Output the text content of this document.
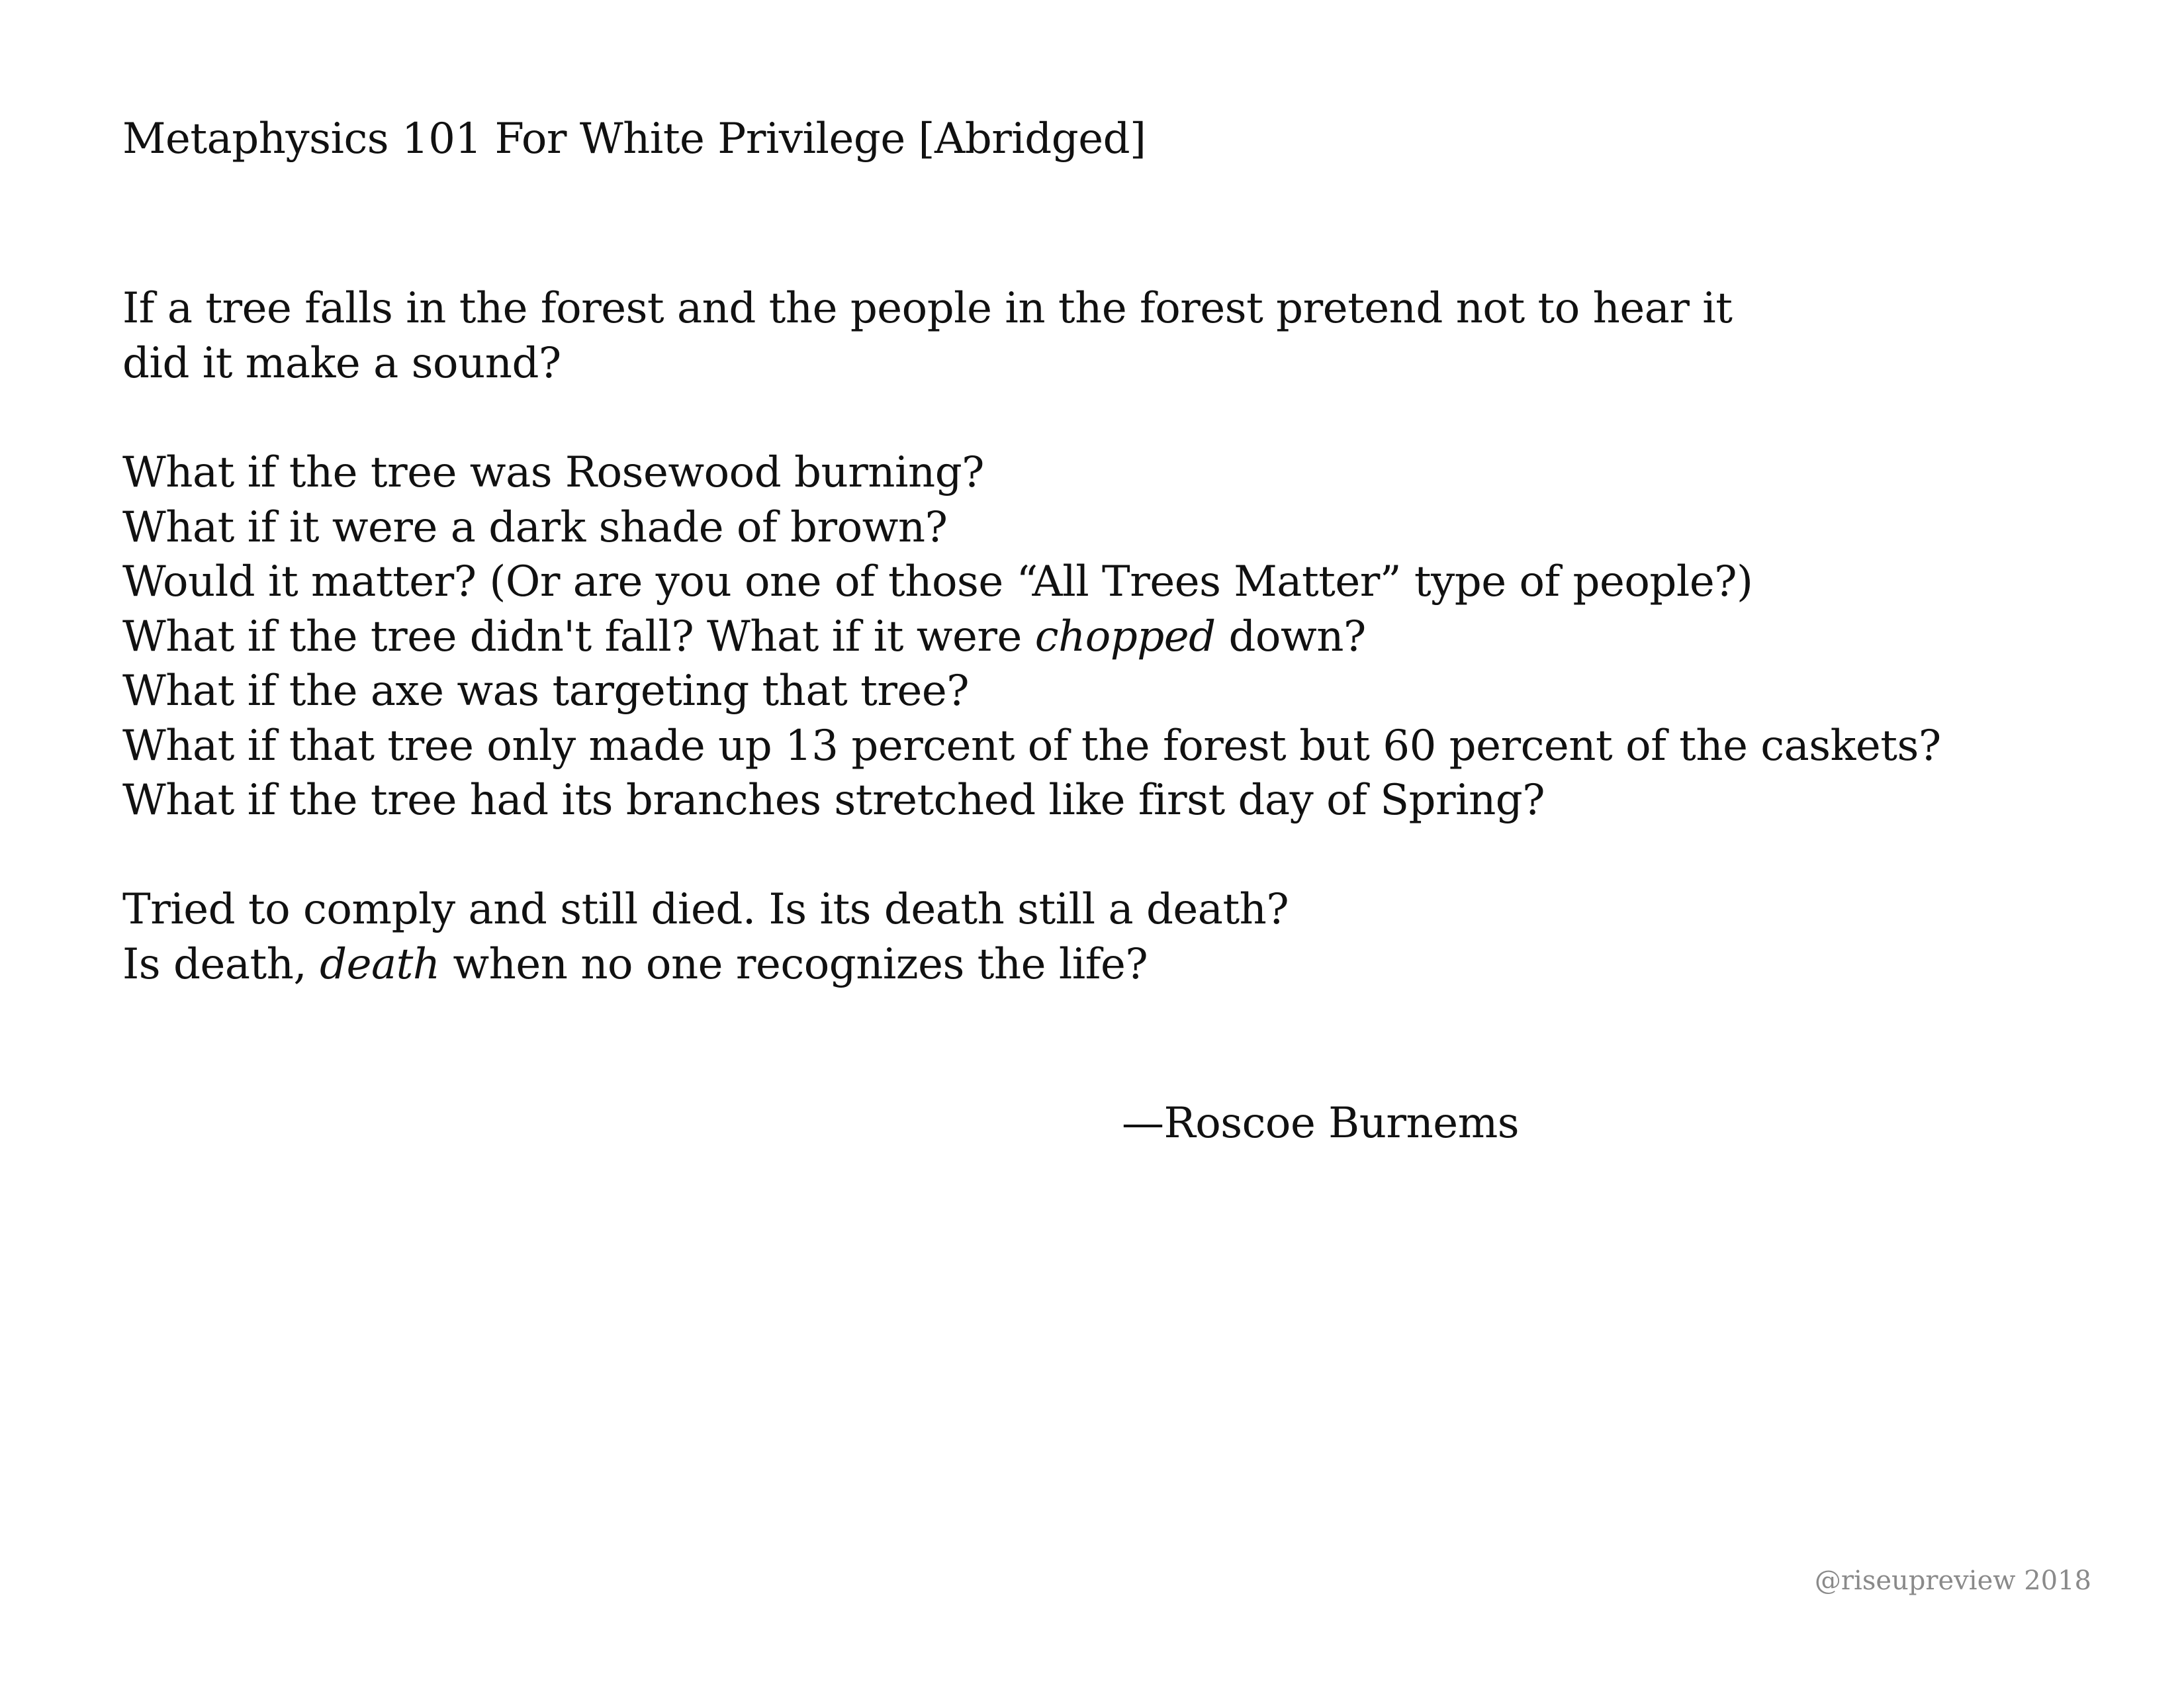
Metaphysics 101 For White Privilege [Abridged]

If a tree falls in the forest and the people in the forest pretend not to hear it
did it make a sound?

What if the tree was Rosewood burning?
What if it were a dark shade of brown?
Would it matter? (Or are you one of those “All Trees Matter” type of people?)
What if the tree didn't fall? What if it were chopped down?
What if the axe was targeting that tree?
What if that tree only made up 13 percent of the forest but 60 percent of the caskets?
What if the tree had its branches stretched like first day of Spring?

Tried to comply and still died. Is its death still a death?
Is death, death when no one recognizes the life?

—Roscoe Burnems
@riseupreview 2018
